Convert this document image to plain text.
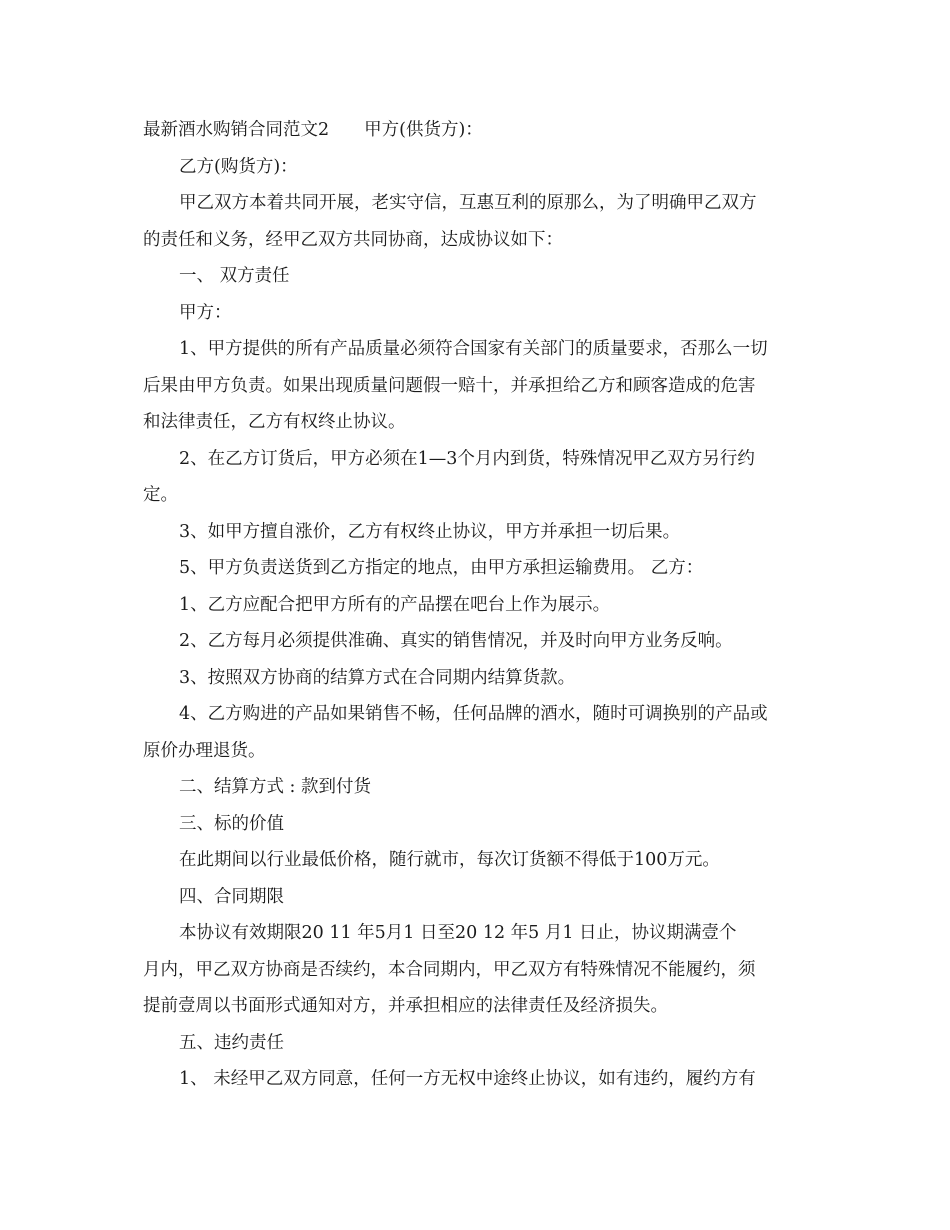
最新酒水购销合同范文2　　甲方(供货方)：
乙方(购货方)：
甲乙双方本着共同开展，老实守信，互惠互利的原那么，为了明确甲乙双方
的责任和义务，经甲乙双方共同协商，达成协议如下：
一、 双方责任
甲方：
1、甲方提供的所有产品质量必须符合国家有关部门的质量要求，否那么一切
后果由甲方负责。如果出现质量问题假一赔十，并承担给乙方和顾客造成的危害
和法律责任，乙方有权终止协议。
2、在乙方订货后，甲方必须在1—3个月内到货，特殊情况甲乙双方另行约
定。
3、如甲方擅自涨价，乙方有权终止协议，甲方并承担一切后果。
5、甲方负责送货到乙方指定的地点，由甲方承担运输费用。 乙方：
1、乙方应配合把甲方所有的产品摆在吧台上作为展示。
2、乙方每月必须提供准确、真实的销售情况，并及时向甲方业务反响。
3、按照双方协商的结算方式在合同期内结算货款。
4、乙方购进的产品如果销售不畅，任何品牌的酒水，随时可调换别的产品或
原价办理退货。
二、结算方式 : 款到付货
三、标的价值
在此期间以行业最低价格，随行就市，每次订货额不得低于100万元。
四、合同期限
本协议有效期限20 11 年5月1 日至20 12 年5 月1 日止，协议期满壹个
月内，甲乙双方协商是否续约，本合同期内，甲乙双方有特殊情况不能履约，须
提前壹周以书面形式通知对方，并承担相应的法律责任及经济损失。
五、违约责任
1、 未经甲乙双方同意，任何一方无权中途终止协议，如有违约，履约方有
